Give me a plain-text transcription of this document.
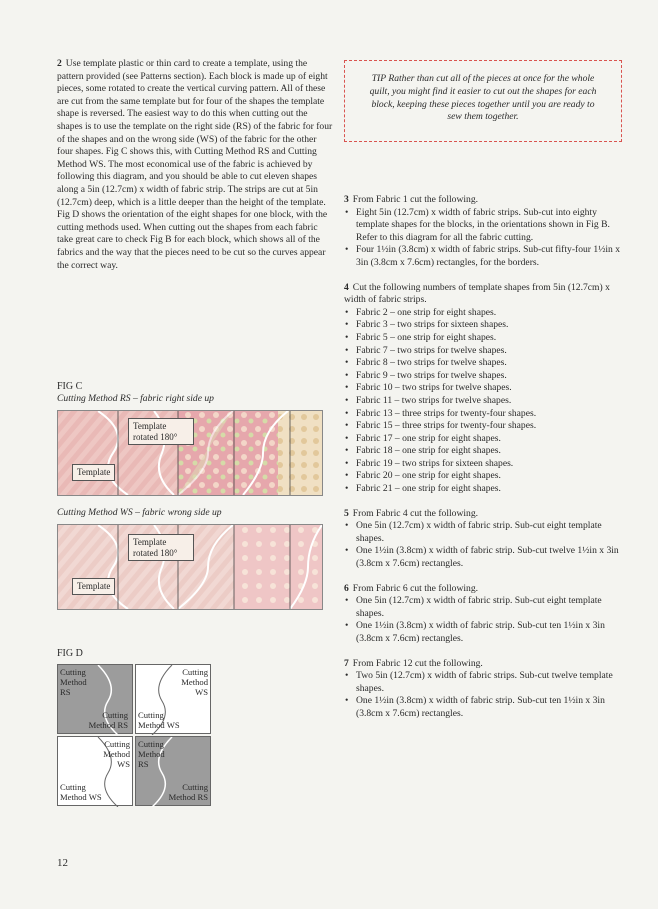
2 Use template plastic or thin card to create a template, using the pattern provided (see Patterns section). Each block is made up of eight pieces, some rotated to create the vertical curving pattern. All of these are cut from the same template but for four of the shapes the template shape is reversed. The easiest way to do this when cutting out the shapes is to use the template on the right side (RS) of the fabric for four of the shapes and on the wrong side (WS) of the fabric for the other four shapes. Fig C shows this, with Cutting Method RS and Cutting Method WS. The most economical use of the fabric is achieved by following this diagram, and you should be able to cut eleven shapes along a 5in (12.7cm) x width of fabric strip. The strips are cut at 5in (12.7cm) deep, which is a little deeper than the height of the template. Fig D shows the orientation of the eight shapes for one block, with the cutting methods used. When cutting out the shapes from each fabric take great care to check Fig B for each block, which shows all of the fabrics and the way that the pieces need to be cut so the curves appear the correct way.

TIP Rather than cut all of the pieces at once for the whole quilt, you might find it easier to cut out the shapes for each block, keeping these pieces together until you are ready to sew them together.
FIG C
Cutting Method RS – fabric right side up
Template rotated 180°
Template
Cutting Method WS – fabric wrong side up
Template rotated 180°
Template
FIG D
Cutting Method RS
Cutting Method RS
Cutting Method WS
Cutting Method WS
Cutting Method WS
Cutting Method WS
Cutting Method RS
Cutting Method RS

3 From Fabric 1 cut the following.

• Eight 5in (12.7cm) x width of fabric strips. Sub-cut into eighty template shapes for the blocks, in the orientations shown in Fig B. Refer to this diagram for all the fabric cutting.
• Four 1½in (3.8cm) x width of fabric strips. Sub-cut fifty-four 1½in x 3in (3.8cm x 7.6cm) rectangles, for the borders.

4 Cut the following numbers of template shapes from 5in (12.7cm) x width of fabric strips.

• Fabric 2 – one strip for eight shapes.
• Fabric 3 – two strips for sixteen shapes.
• Fabric 5 – one strip for eight shapes.
• Fabric 7 – two strips for twelve shapes.
• Fabric 8 – two strips for twelve shapes.
• Fabric 9 – two strips for twelve shapes.
• Fabric 10 – two strips for twelve shapes.
• Fabric 11 – two strips for twelve shapes.
• Fabric 13 – three strips for twenty-four shapes.
• Fabric 15 – three strips for twenty-four shapes.
• Fabric 17 – one strip for eight shapes.
• Fabric 18 – one strip for eight shapes.
• Fabric 19 – two strips for sixteen shapes.
• Fabric 20 – one strip for eight shapes.
• Fabric 21 – one strip for eight shapes.

5 From Fabric 4 cut the following.

• One 5in (12.7cm) x width of fabric strip. Sub-cut eight template shapes.
• One 1½in (3.8cm) x width of fabric strip. Sub-cut twelve 1½in x 3in (3.8cm x 7.6cm) rectangles.

6 From Fabric 6 cut the following.

• One 5in (12.7cm) x width of fabric strip. Sub-cut eight template shapes.
• One 1½in (3.8cm) x width of fabric strip. Sub-cut ten 1½in x 3in (3.8cm x 7.6cm) rectangles.

7 From Fabric 12 cut the following.

• Two 5in (12.7cm) x width of fabric strips. Sub-cut twelve template shapes.
• One 1½in (3.8cm) x width of fabric strip. Sub-cut ten 1½in x 3in (3.8cm x 7.6cm) rectangles.
12
